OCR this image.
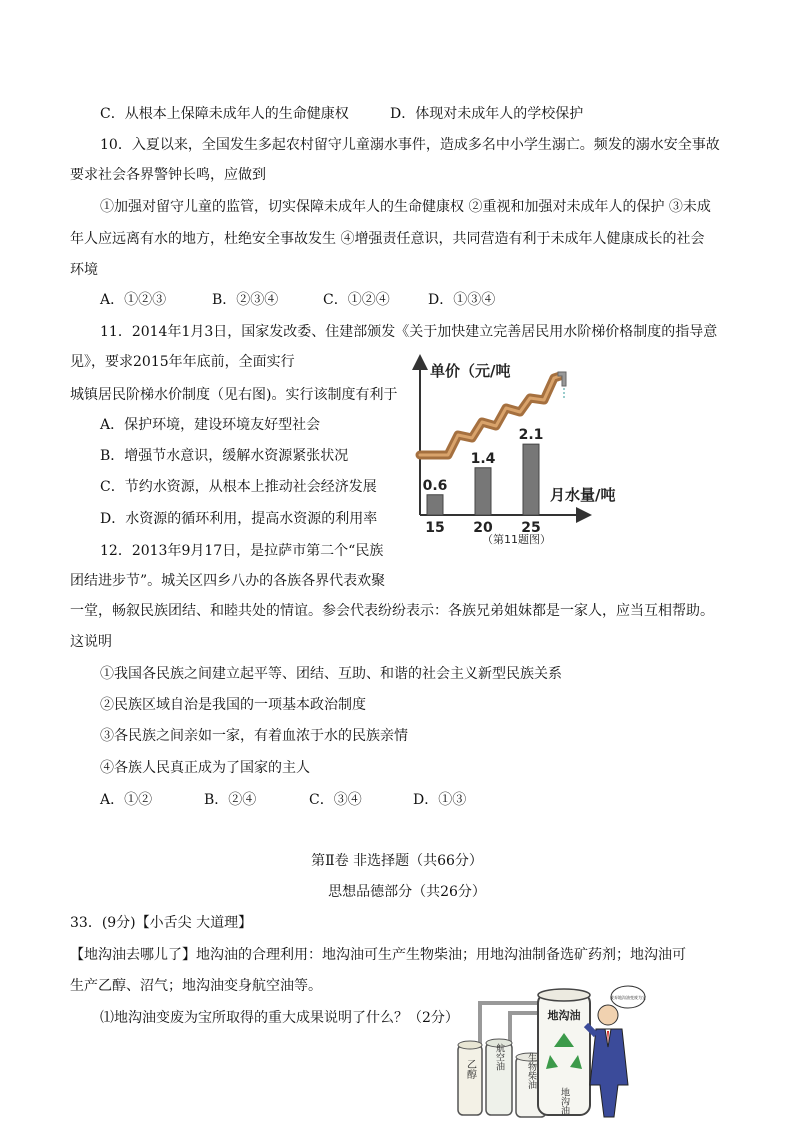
C．从根本上保障未成年人的生命健康权	D．体现对未成年人的学校保护
10．入夏以来，全国发生多起农村留守儿童溺水事件，造成多名中小学生溺亡。频发的溺水安全事故
要求社会各界警钟长鸣，应做到
①加强对留守儿童的监管，切实保障未成年人的生命健康权 ②重视和加强对未成年人的保护 ③未成
年人应远离有水的地方，杜绝安全事故发生 ④增强责任意识，共同营造有利于未成年人健康成长的社会
环境
A．①②③	B．②③④	C．①②④	D．①③④
11．2014年1月3日，国家发改委、住建部颁发《关于加快建立完善居民用水阶梯价格制度的指导意
见》，要求2015年年底前，全面实行
城镇居民阶梯水价制度（见右图)。实行该制度有利于
A．保护环境，建设环境友好型社会
B．增强节水意识，缓解水资源紧张状况
C．节约水资源，从根本上推动社会经济发展
D．水资源的循环利用，提高水资源的利用率
单价（元/吨
月水量/吨
0.6
15
1.4
20
2.1
25
（第11题图）
12．2013年9月17日，是拉萨市第二个“民族
团结进步节”。城关区四乡八办的各族各界代表欢聚
一堂，畅叙民族团结、和睦共处的情谊。参会代表纷纷表示：各族兄弟姐妹都是一家人，应当互相帮助。
这说明
①我国各民族之间建立起平等、团结、互助、和谐的社会主义新型民族关系
②民族区域自治是我国的一项基本政治制度
③各民族之间亲如一家，有着血浓于水的民族亲情
④各族人民真正成为了国家的主人
A．①②	B．②④	C．③④	D．①③
第Ⅱ卷 非选择题（共66分）
思想品德部分（共26分）
33．(9分)【小舌尖 大道理】
【地沟油去哪儿了】地沟油的合理利用：地沟油可生产生物柴油；用地沟油制备选矿药剂；地沟油可
生产乙醇、沼气；地沟油变身航空油等。
⑴地沟油变废为宝所取得的重大成果说明了什么？（2分）
乙醇 航空油 生物柴油
地沟油
地沟油
废弃地沟油变废为宝
